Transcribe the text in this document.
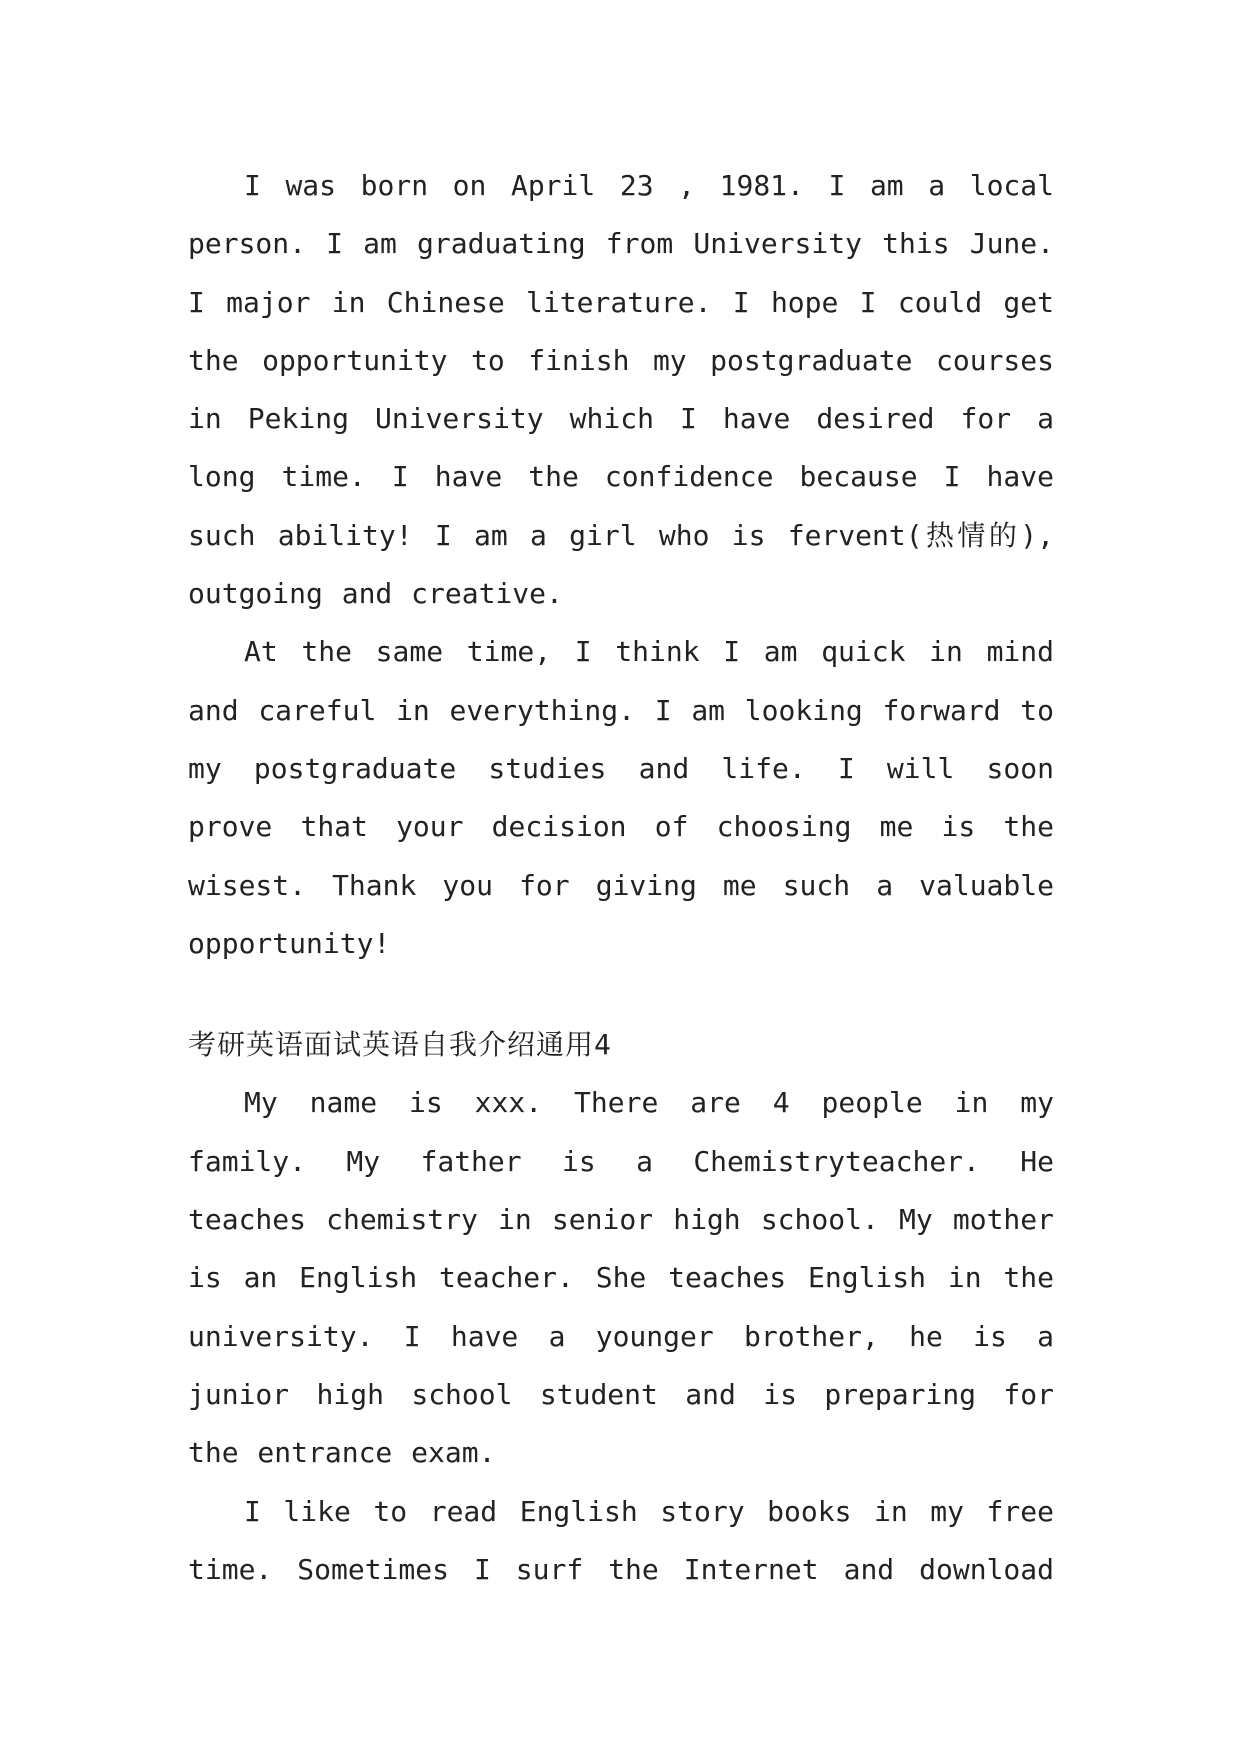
I was born on April 23 , 1981. I am a local person. I am graduating from University this June. I major in Chinese literature. I hope I could get the opportunity to finish my postgraduate courses in Peking University which I have desired for a long time. I have the confidence because I have such ability! I am a girl who is fervent(热情的), outgoing and creative.

At the same time, I think I am quick in mind and careful in everything. I am looking forward to my postgraduate studies and life. I will soon prove that your decision of choosing me is the wisest. Thank you for giving me such a valuable opportunity!

考研英语面试英语自我介绍通用4

My name is xxx. There are 4 people in my family. My father is a Chemistryteacher. He teaches chemistry in senior high school. My mother is an English teacher. She teaches English in the university. I have a younger brother, he is a junior high school student and is preparing for the entrance exam.

I like to read English story books in my free time. Sometimes I surf the Internet and download
